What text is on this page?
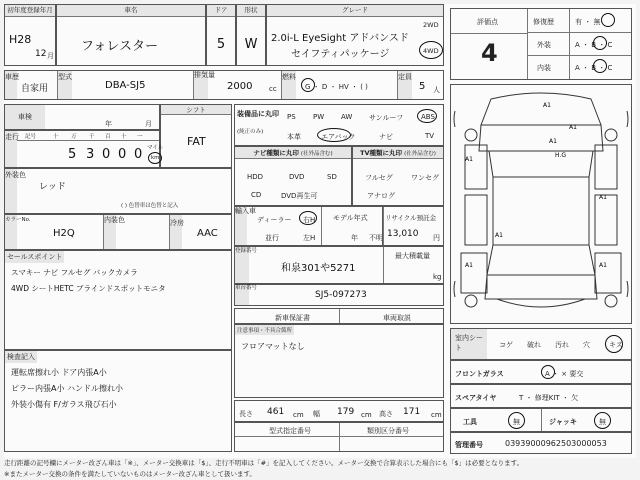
初年度登録年月
H28
12 月
車名
フォレスター
ドア
5
形状
W
グレード
2.0i-L EyeSight アドバンスド
セイフティパッケージ
2WD
4WD
評価点
4
修復歴	有 ・ 無
外装	A ・ B ・ C
内装	A ・ B ・ C
車歴
自家用
型式
DBA-SJ5
排気量
2000 cc
燃料
G ・ D ・ HV ・ ( )
定員
5 人
車検
年	月
シフト
FAT
走行 記号	十 万 千 百 十 一
5 3 0 0 0 マイル
km
外装色
レッド
( ) 色替車は色替と記入
カラーNo.
H2Q
内装色	冷房
AAC
セールスポイント
スマキー ナビ フルセグ バックカメラ
4WD シートHETC ブラインドスポットモニタ
検査記入
運転席擦れ小 ドア内張A小
ピラー内張A小 ハンドル擦れ小
外装小傷有 F/ガラス飛び石小
装備品に丸印
(純正のみ)
PS PW AW サンルーフ	ABS
本革	エアバック	ナビ	TV
ナビ種類に丸印 (社外品含む)
HDD	DVD	SD
CD	DVD再生可
TV種類に丸印 (社外品含む)
フルセグ	ワンセグ
アナログ
輸入車
ディーラー
並行
右H
左H
モデル年式
年 不明
リサイクル預託金
13,010 円
登録番号
和泉301や5271
最大積載量
kg
車台番号
SJ5-097273
新車保証書	車両取説
注意事項・不具合箇所
フロアマットなし
長さ 461 cm 幅 179 cm 高さ 171 cm
型式指定番号	類別区分番号
A1
A1
A1
A1
H.G
A1
A1
A1	A1
室内シート	コゲ 破れ 汚れ 穴	キズ
フロントガラス	A ・ × 要交
スペアタイヤ	T ・ 修理KIT ・ 欠
工具	無	ジャッキ	無
管理番号	03939000962503000053
走行距離の記号欄にメーター改ざん車は「※」、メーター交換車は「$」、走行不明車は「#」を記入してください。メーター交換で合算表示した場合にも「$」は必要となります。
※またメーター交換の条件を満たしていないものはメーター改ざん車として扱います。
